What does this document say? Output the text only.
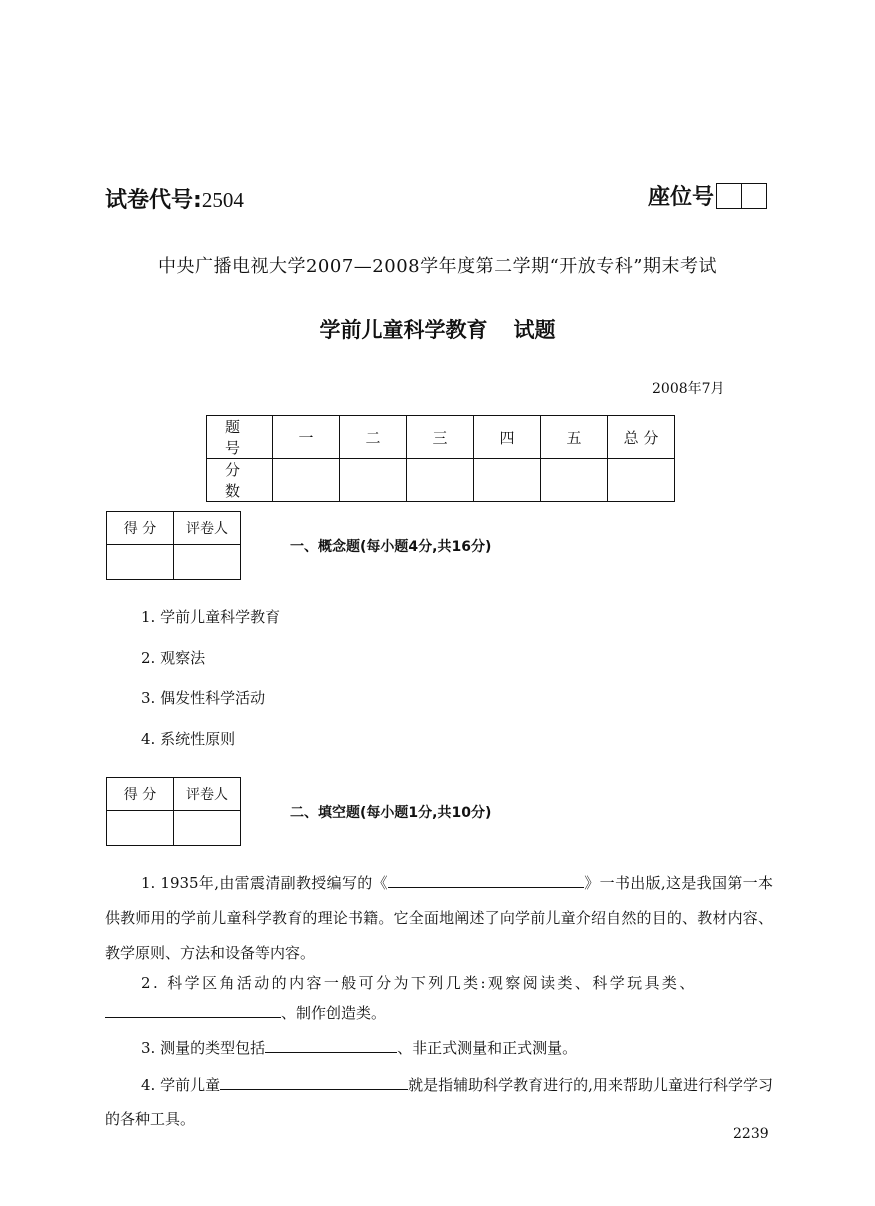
试卷代号:2504	座位号
中央广播电视大学2007—2008学年度第二学期“开放专科”期末考试
学前儿童科学教育 试题
2008年7月
题 号	一	二	三	四	五	总 分
分 数						
得 分	评卷人

一、概念题(每小题4分,共16分)
1. 学前儿童科学教育
2. 观察法
3. 偶发性科学活动
4. 系统性原则
得 分	评卷人

二、填空题(每小题1分,共10分)
1. 1935年,由雷震清副教授编写的《	》一书出版,这是我国第一本供教师用的学前儿童科学教育的理论书籍。它全面地阐述了向学前儿童介绍自然的目的、教材内容、教学原则、方法和设备等内容。
2. 科学区角活动的内容一般可分为下列几类:观察阅读类、科学玩具类、
、制作创造类。
3. 测量的类型包括	、非正式测量和正式测量。
4. 学前儿童	就是指辅助科学教育进行的,用来帮助儿童进行科学学习的各种工具。
2239
